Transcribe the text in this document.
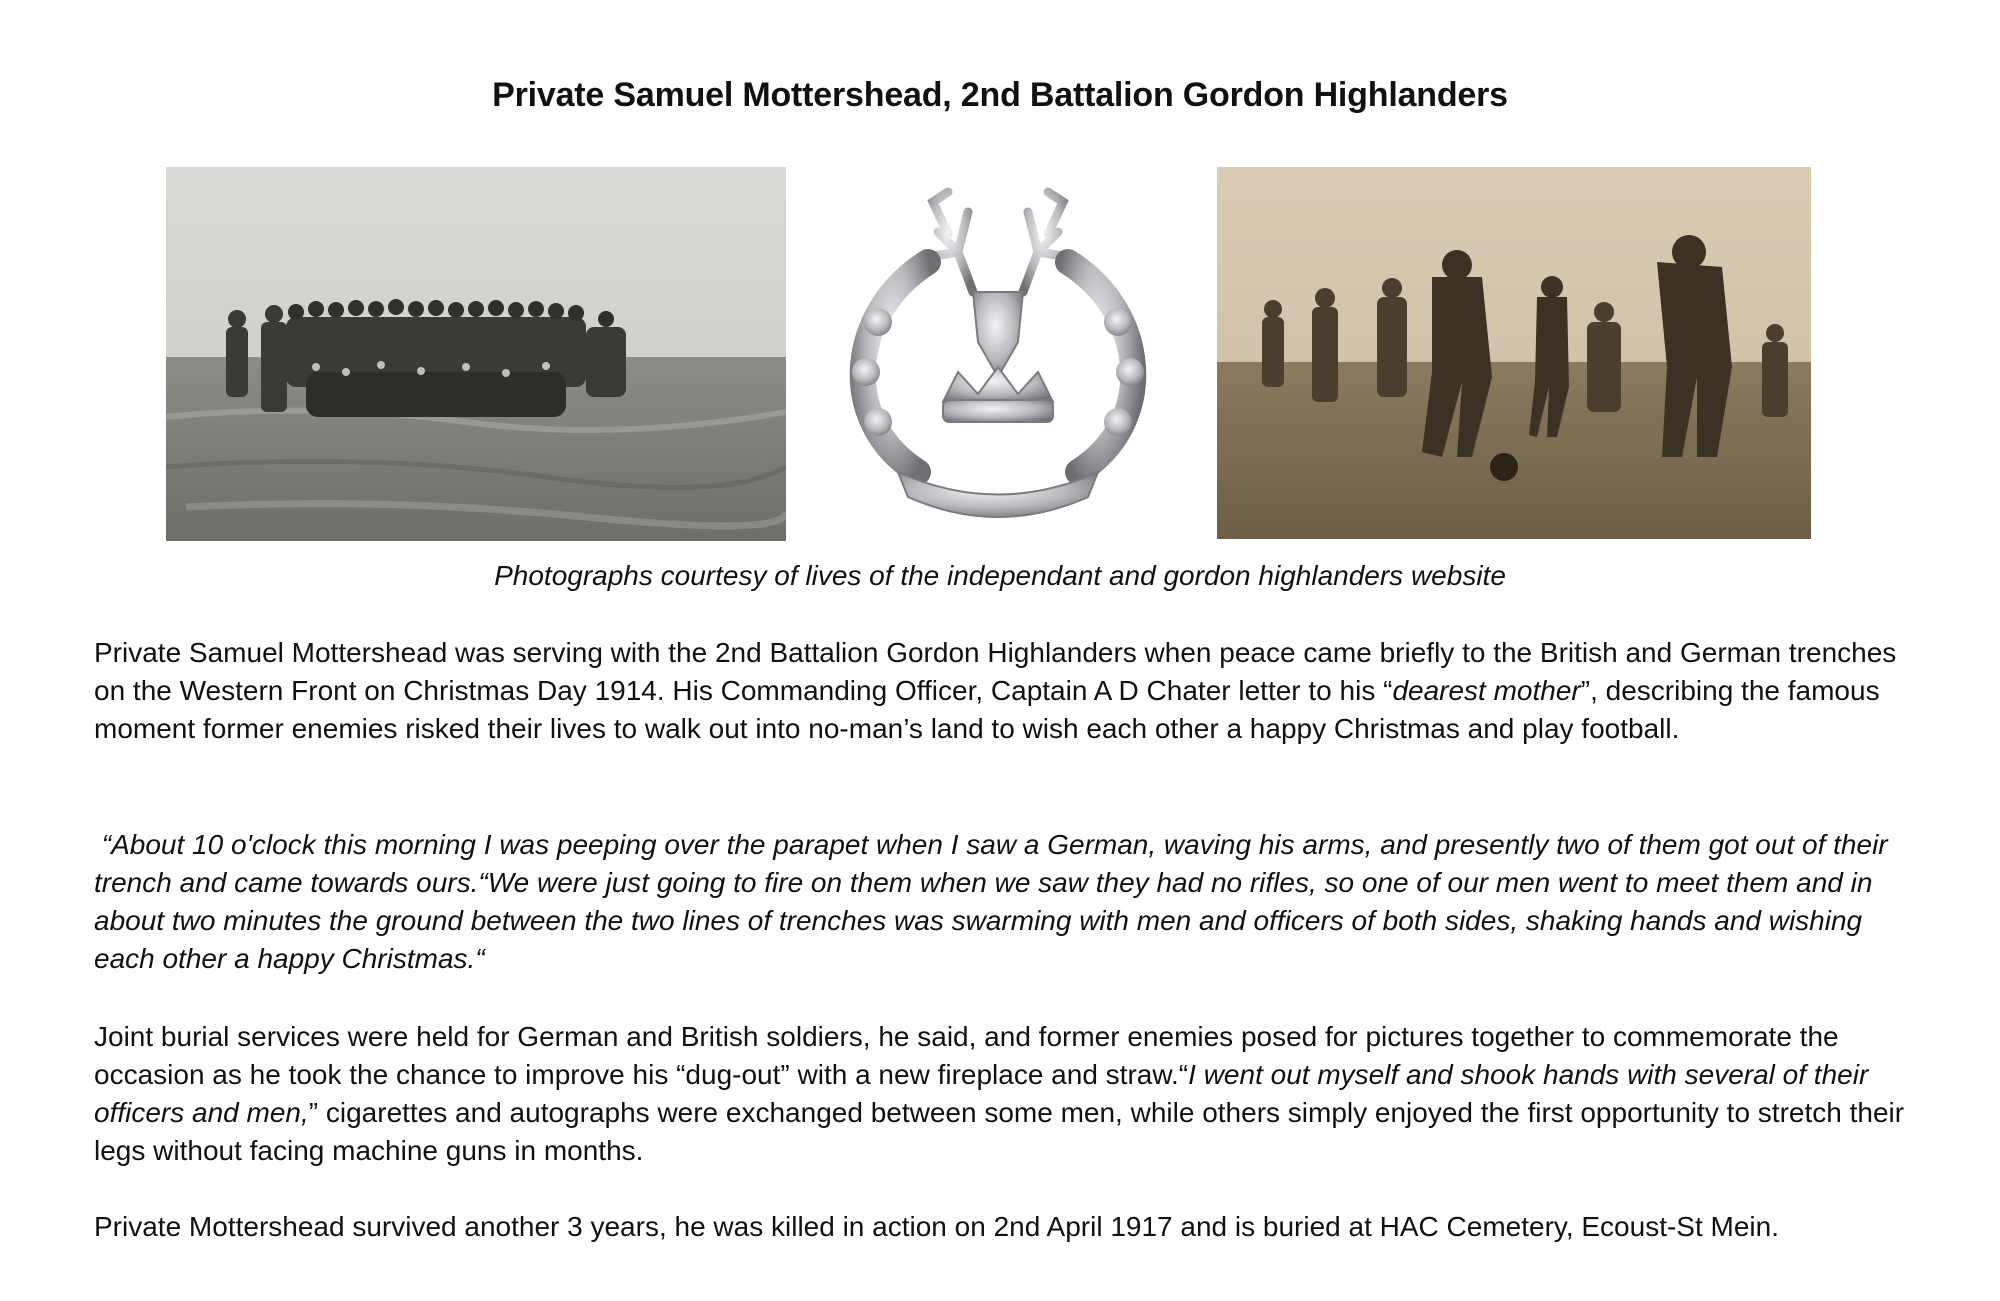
Private Samuel Mottershead, 2nd Battalion Gordon Highlanders
Photographs courtesy of lives of the independant and gordon highlanders website

Private Samuel Mottershead was serving with the 2nd Battalion Gordon Highlanders when peace came briefly to the British and German trenches on the Western Front on Christmas Day 1914. His Commanding Officer, Captain A D Chater letter to his “dearest mother”, describing the famous moment former enemies risked their lives to walk out into no-man’s land to wish each other a happy Christmas and play football.

“About 10 o'clock this morning I was peeping over the parapet when I saw a German, waving his arms, and presently two of them got out of their trench and came towards ours.“We were just going to fire on them when we saw they had no rifles, so one of our men went to meet them and in about two minutes the ground between the two lines of trenches was swarming with men and officers of both sides, shaking hands and wishing each other a happy Christmas.“

Joint burial services were held for German and British soldiers, he said, and former enemies posed for pictures together to commemorate the occasion as he took the chance to improve his “dug-out” with a new fireplace and straw.“I went out myself and shook hands with several of their officers and men,” cigarettes and autographs were exchanged between some men, while others simply enjoyed the first opportunity to stretch their legs without facing machine guns in months.

Private Mottershead survived another 3 years, he was killed in action on 2nd April 1917 and is buried at HAC Cemetery, Ecoust-St Mein.
